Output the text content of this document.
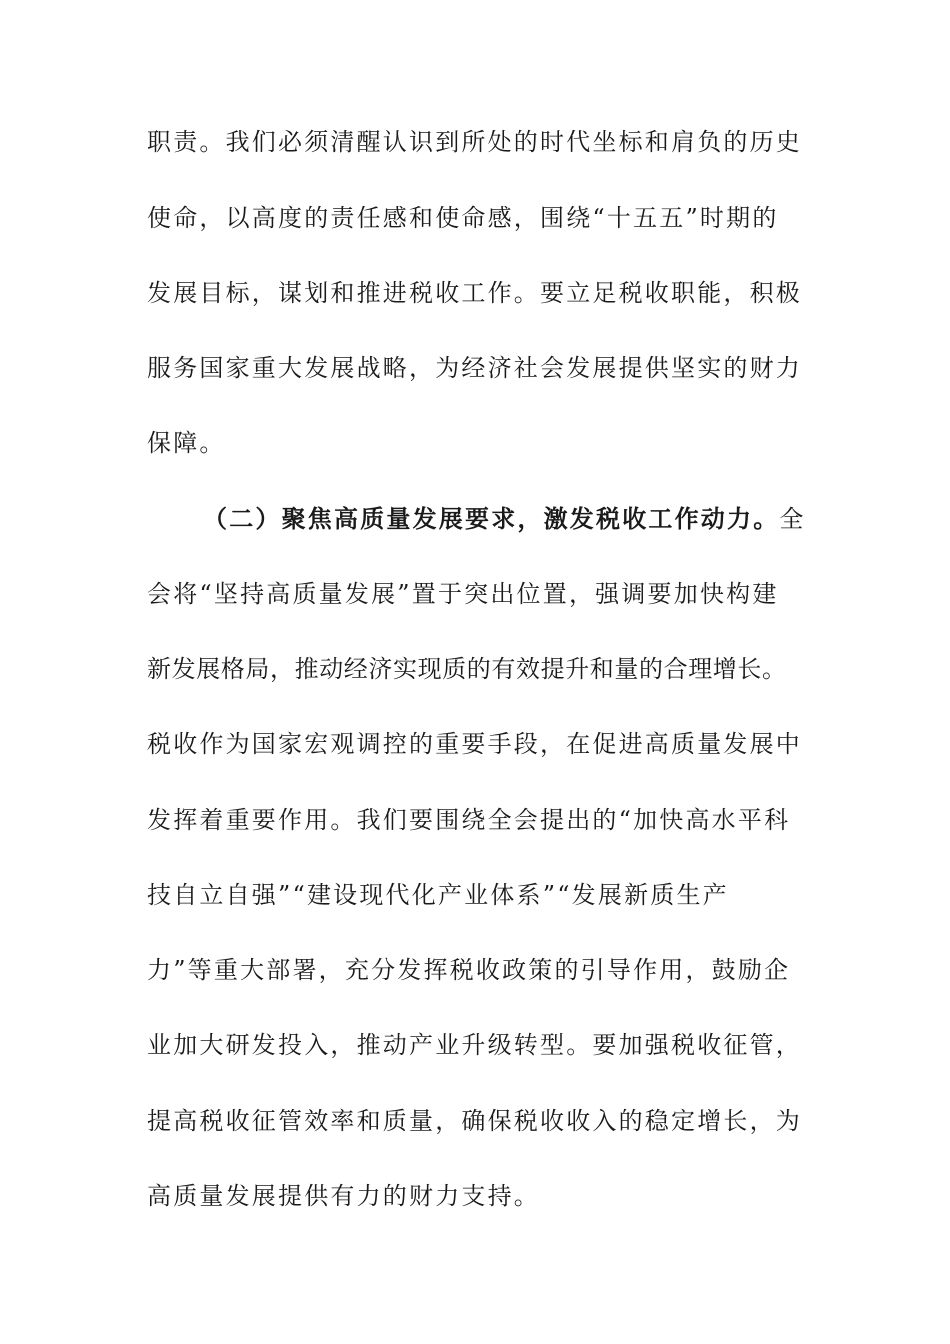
职责。我们必须清醒认识到所处的时代坐标和肩负的历史
使命，以高度的责任感和使命感，围绕“十五五”时期的
发展目标，谋划和推进税收工作。要立足税收职能，积极
服务国家重大发展战略，为经济社会发展提供坚实的财力
保障。
（二）聚焦高质量发展要求，激发税收工作动力。全
会将“坚持高质量发展”置于突出位置，强调要加快构建
新发展格局，推动经济实现质的有效提升和量的合理增长。
税收作为国家宏观调控的重要手段，在促进高质量发展中
发挥着重要作用。我们要围绕全会提出的“加快高水平科
技自立自强”“建设现代化产业体系”“发展新质生产
力”等重大部署，充分发挥税收政策的引导作用，鼓励企
业加大研发投入，推动产业升级转型。要加强税收征管，
提高税收征管效率和质量，确保税收收入的稳定增长，为
高质量发展提供有力的财力支持。
